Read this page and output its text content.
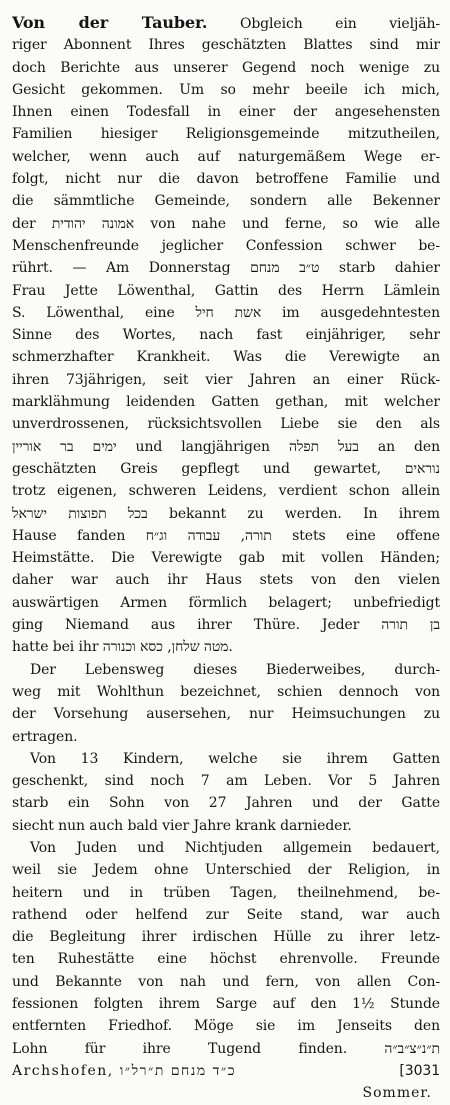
Von der Tauber. Obgleich ein vieljäh-
riger Abonnent Ihres geschätzten Blattes sind mir
doch Berichte aus unserer Gegend noch wenige zu
Gesicht gekommen. Um so mehr beeile ich mich,
Ihnen einen Todesfall in einer der angesehensten
Familien hiesiger Religionsgemeinde mitzutheilen,
welcher, wenn auch auf naturgemäßem Wege er-
folgt, nicht nur die davon betroffene Familie und
die sämmtliche Gemeinde, sondern alle Bekenner
der אמונה יהודית von nahe und ferne, so wie alle
Menschenfreunde jeglicher Confession schwer be-
rührt. — Am Donnerstag ט״ב מנחם starb dahier
Frau Jette Löwenthal, Gattin des Herrn Lämlein
S. Löwenthal, eine אשת חיל im ausgedehntesten
Sinne des Wortes, nach fast einjähriger, sehr
schmerzhafter Krankheit. Was die Verewigte an
ihren 73jährigen, seit vier Jahren an einer Rück-
marklähmung leidenden Gatten gethan, mit welcher
unverdrossenen, rücksichtsvollen Liebe sie den als
ימים בר אוריין und langjährigen בעל תפלה an den
geschätzten Greis gepflegt und gewartet, נוראים
trotz eigenen, schweren Leidens, verdient schon allein
בכל תפוצות ישראל bekannt zu werden. In ihrem
Hause fanden תורה, עבודה וג״ח stets eine offene
Heimstätte. Die Verewigte gab mit vollen Händen;
daher war auch ihr Haus stets von den vielen
auswärtigen Armen förmlich belagert; unbefriedigt
ging Niemand aus ihrer Thüre. Jeder בן תורה
hatte bei ihr מטה שלחן, כסא וכנורה.
Der Lebensweg dieses Biederweibes, durch-
weg mit Wohlthun bezeichnet, schien dennoch von
der Vorsehung ausersehen, nur Heimsuchungen zu
ertragen.
Von 13 Kindern, welche sie ihrem Gatten
geschenkt, sind noch 7 am Leben. Vor 5 Jahren
starb ein Sohn von 27 Jahren und der Gatte
siecht nun auch bald vier Jahre krank darnieder.
Von Juden und Nichtjuden allgemein bedauert,
weil sie Jedem ohne Unterschied der Religion, in
heitern und in trüben Tagen, theilnehmend, be-
rathend oder helfend zur Seite stand, war auch
die Begleitung ihrer irdischen Hülle zu ihrer letz-
ten Ruhestätte eine höchst ehrenvolle. Freunde
und Bekannte von nah und fern, von allen Con-
fessionen folgten ihrem Sarge auf den 1½ Stunde
entfernten Friedhof. Möge sie im Jenseits den
Lohn für ihre Tugend finden. ת״נ״צ״ב״ה
Archshofen, כ״ד מנחם ת״רל״ו	[3031
Sommer.
